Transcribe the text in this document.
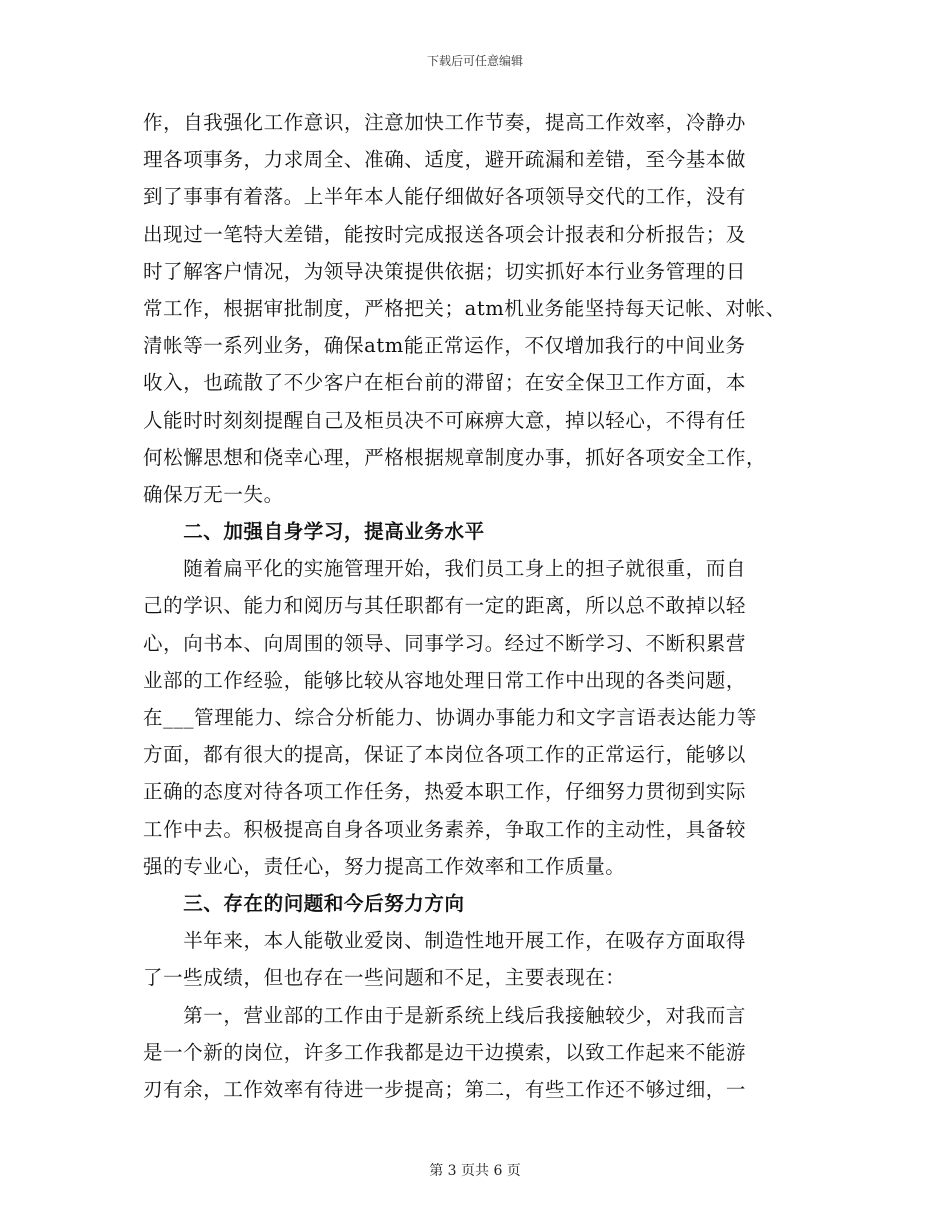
下载后可任意编辑
作，自我强化工作意识，注意加快工作节奏，提高工作效率，冷静办
理各项事务，力求周全、准确、适度，避开疏漏和差错，至今基本做
到了事事有着落。上半年本人能仔细做好各项领导交代的工作，没有
出现过一笔特大差错，能按时完成报送各项会计报表和分析报告；及
时了解客户情况，为领导决策提供依据；切实抓好本行业务管理的日
常工作，根据审批制度，严格把关；atm机业务能坚持每天记帐、对帐、
清帐等一系列业务，确保atm能正常运作，不仅增加我行的中间业务
收入，也疏散了不少客户在柜台前的滞留；在安全保卫工作方面，本
人能时时刻刻提醒自己及柜员决不可麻痹大意，掉以轻心，不得有任
何松懈思想和侥幸心理，严格根据规章制度办事，抓好各项安全工作，
确保万无一失。
　　二、加强自身学习，提高业务水平
　　随着扁平化的实施管理开始，我们员工身上的担子就很重，而自
己的学识、能力和阅历与其任职都有一定的距离，所以总不敢掉以轻
心，向书本、向周围的领导、同事学习。经过不断学习、不断积累营
业部的工作经验，能够比较从容地处理日常工作中出现的各类问题，
在___管理能力、综合分析能力、协调办事能力和文字言语表达能力等
方面，都有很大的提高，保证了本岗位各项工作的正常运行，能够以
正确的态度对待各项工作任务，热爱本职工作，仔细努力贯彻到实际
工作中去。积极提高自身各项业务素养，争取工作的主动性，具备较
强的专业心，责任心，努力提高工作效率和工作质量。
　　三、存在的问题和今后努力方向
　　半年来，本人能敬业爱岗、制造性地开展工作，在吸存方面取得
了一些成绩，但也存在一些问题和不足，主要表现在：
　　第一，营业部的工作由于是新系统上线后我接触较少，对我而言
是一个新的岗位，许多工作我都是边干边摸索，以致工作起来不能游
刃有余，工作效率有待进一步提高；第二，有些工作还不够过细，一
第 3 页共 6 页
